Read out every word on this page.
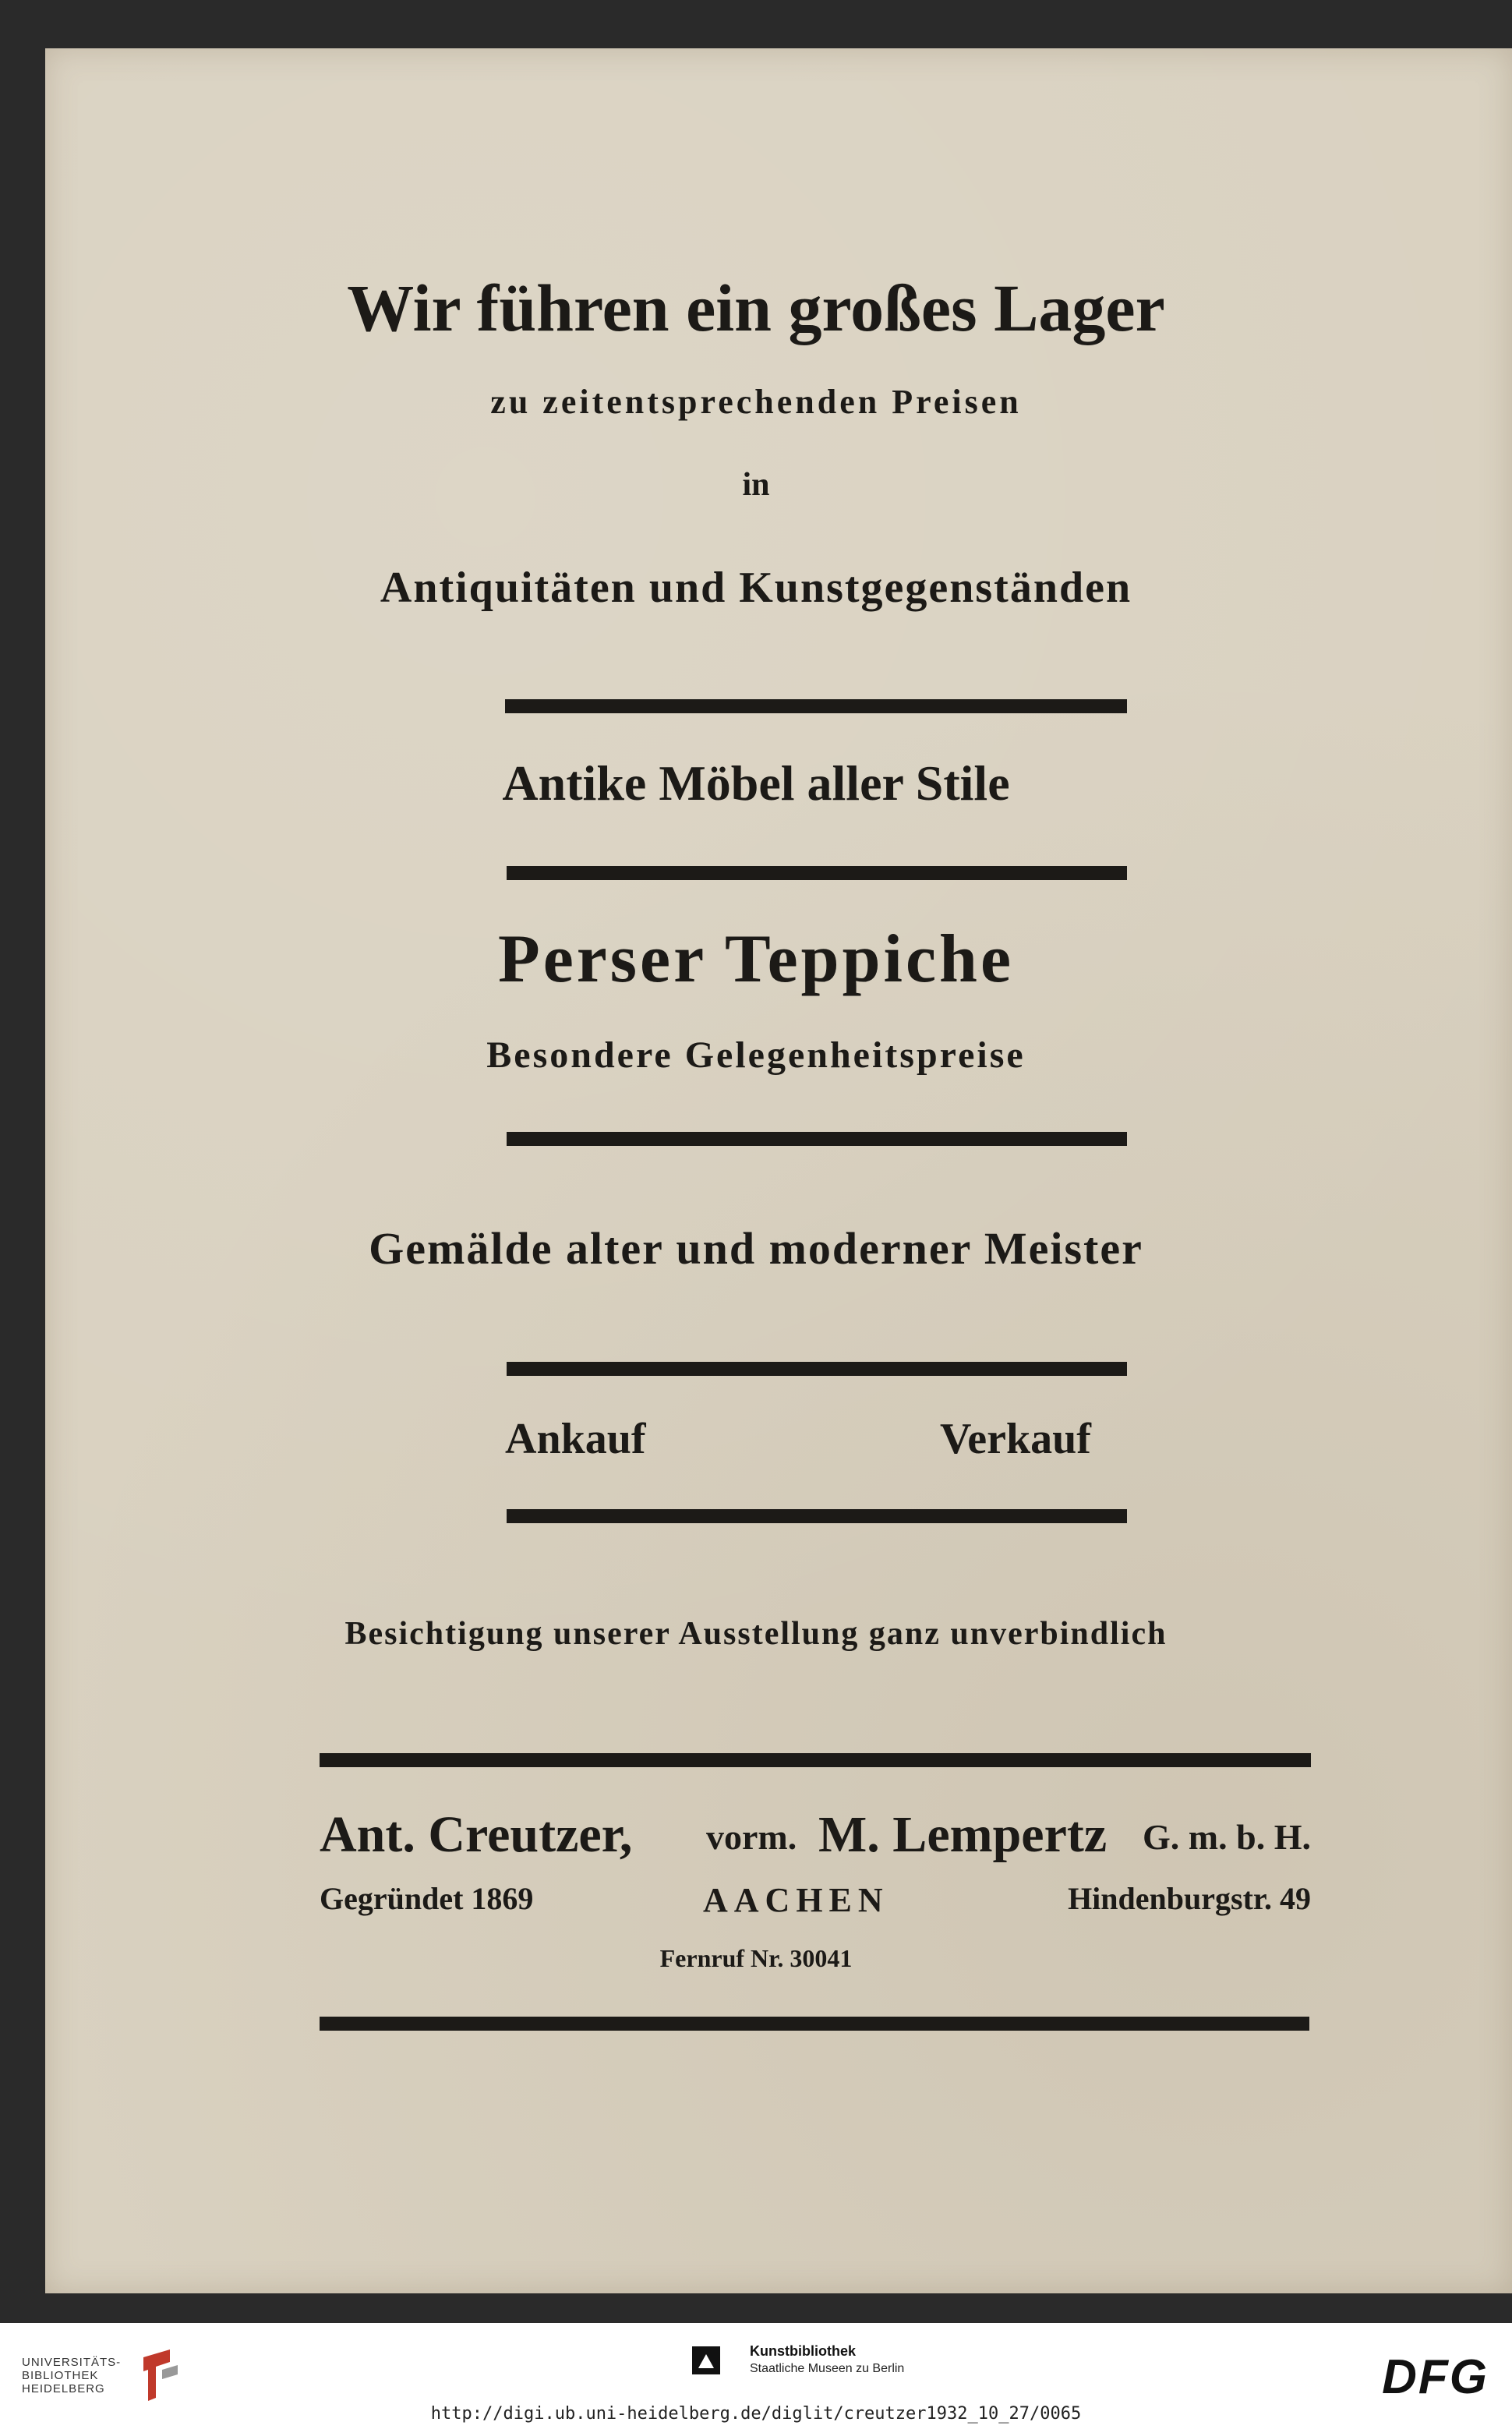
Wir führen ein großes Lager
zu zeitentsprechenden Preisen
in
Antiquitäten und Kunstgegenständen
Antike Möbel aller Stile
Perser Teppiche
Besondere Gelegenheitspreise
Gemälde alter und moderner Meister
Ankauf	Verkauf
Besichtigung unserer Ausstellung ganz unverbindlich
Ant. Creutzer, vorm. M. Lempertz G. m. b. H.
Gegründet 1869	AACHEN	Hindenburgstr. 49
Fernruf Nr. 30041
UNIVERSITÄTS-
BIBLIOTHEK
HEIDELBERG
Kunstbibliothek
Staatliche Museen zu Berlin	DFG
http://digi.ub.uni-heidelberg.de/diglit/creutzer1932_10_27/0065
